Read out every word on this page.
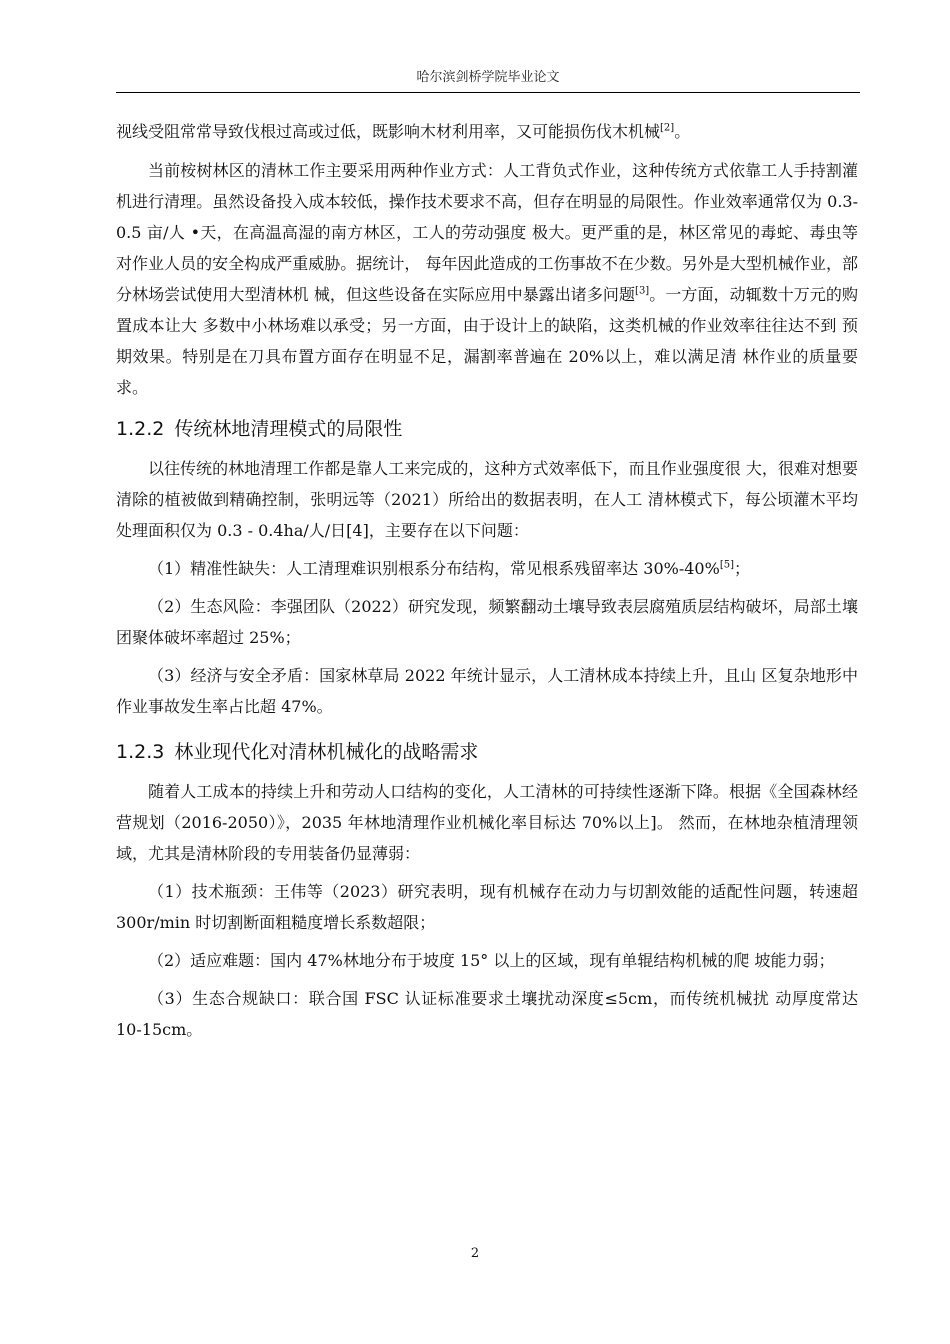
哈尔滨剑桥学院毕业论文

视线受阻常常导致伐根过高或过低，既影响木材利用率，又可能损伤伐木机械[2]。

当前桉树林区的清林工作主要采用两种作业方式：人工背负式作业，这种传统方式依靠工人手持割灌机进行清理。虽然设备投入成本较低，操作技术要求不高，但存在明显的局限性。作业效率通常仅为 0.3-0.5 亩/人 •天，在高温高湿的南方林区，工人的劳动强度 极大。更严重的是，林区常见的毒蛇、毒虫等对作业人员的安全构成严重威胁。据统计， 每年因此造成的工伤事故不在少数。另外是大型机械作业，部分林场尝试使用大型清林机 械，但这些设备在实际应用中暴露出诸多问题[3]。一方面，动辄数十万元的购置成本让大 多数中小林场难以承受；另一方面，由于设计上的缺陷，这类机械的作业效率往往达不到 预期效果。特别是在刀具布置方面存在明显不足，漏割率普遍在 20%以上，难以满足清 林作业的质量要求。

1.2.2 传统林地清理模式的局限性

以往传统的林地清理工作都是靠人工来完成的，这种方式效率低下，而且作业强度很 大，很难对想要清除的植被做到精确控制，张明远等（2021）所给出的数据表明，在人工 清林模式下，每公顷灌木平均处理面积仅为 0.3 - 0.4ha/人/日[4]，主要存在以下问题：

（1）精准性缺失：人工清理难识别根系分布结构，常见根系残留率达 30%-40%[5]；

（2）生态风险：李强团队（2022）研究发现，频繁翻动土壤导致表层腐殖质层结构破坏，局部土壤团聚体破坏率超过 25%；

（3）经济与安全矛盾：国家林草局 2022 年统计显示，人工清林成本持续上升，且山 区复杂地形中作业事故发生率占比超 47%。

1.2.3 林业现代化对清林机械化的战略需求

随着人工成本的持续上升和劳动人口结构的变化，人工清林的可持续性逐渐下降。根据《全国森林经营规划（2016-2050）》，2035 年林地清理作业机械化率目标达 70%以上]。 然而，在林地杂植清理领域，尤其是清林阶段的专用装备仍显薄弱：

（1）技术瓶颈：王伟等（2023）研究表明，现有机械存在动力与切割效能的适配性问题，转速超 300r/min 时切割断面粗糙度增长系数超限；

（2）适应难题：国内 47%林地分布于坡度 15° 以上的区域，现有单辊结构机械的爬 坡能力弱；

（3）生态合规缺口：联合国 FSC 认证标准要求土壤扰动深度≤5cm，而传统机械扰 动厚度常达 10-15cm。

2
